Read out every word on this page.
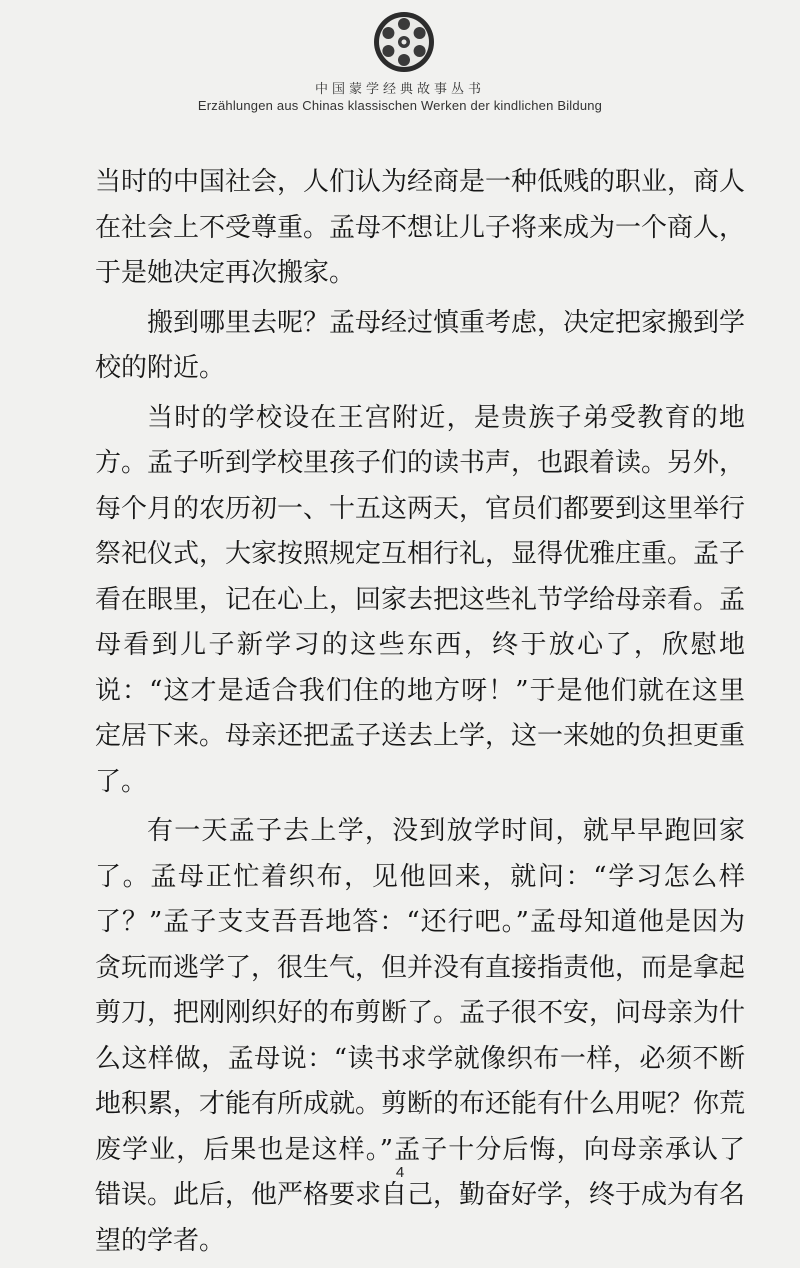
中国蒙学经典故事丛书
Erzählungen aus Chinas klassischen Werken der kindlichen Bildung

当时的中国社会，人们认为经商是一种低贱的职业，商人在社会上不受尊重。孟母不想让儿子将来成为一个商人，于是她决定再次搬家。

搬到哪里去呢？孟母经过慎重考虑，决定把家搬到学校的附近。

当时的学校设在王宫附近，是贵族子弟受教育的地方。孟子听到学校里孩子们的读书声，也跟着读。另外，每个月的农历初一、十五这两天，官员们都要到这里举行祭祀仪式，大家按照规定互相行礼，显得优雅庄重。孟子看在眼里，记在心上，回家去把这些礼节学给母亲看。孟母看到儿子新学习的这些东西，终于放心了，欣慰地说：“这才是适合我们住的地方呀！”于是他们就在这里定居下来。母亲还把孟子送去上学，这一来她的负担更重了。

有一天孟子去上学，没到放学时间，就早早跑回家了。孟母正忙着织布，见他回来，就问：“学习怎么样了？”孟子支支吾吾地答：“还行吧。”孟母知道他是因为贪玩而逃学了，很生气，但并没有直接指责他，而是拿起剪刀，把刚刚织好的布剪断了。孟子很不安，问母亲为什么这样做，孟母说：“读书求学就像织布一样，必须不断地积累，才能有所成就。剪断的布还能有什么用呢？你荒废学业，后果也是这样。”孟子十分后悔，向母亲承认了错误。此后，他严格要求自己，勤奋好学，终于成为有名望的学者。

4
